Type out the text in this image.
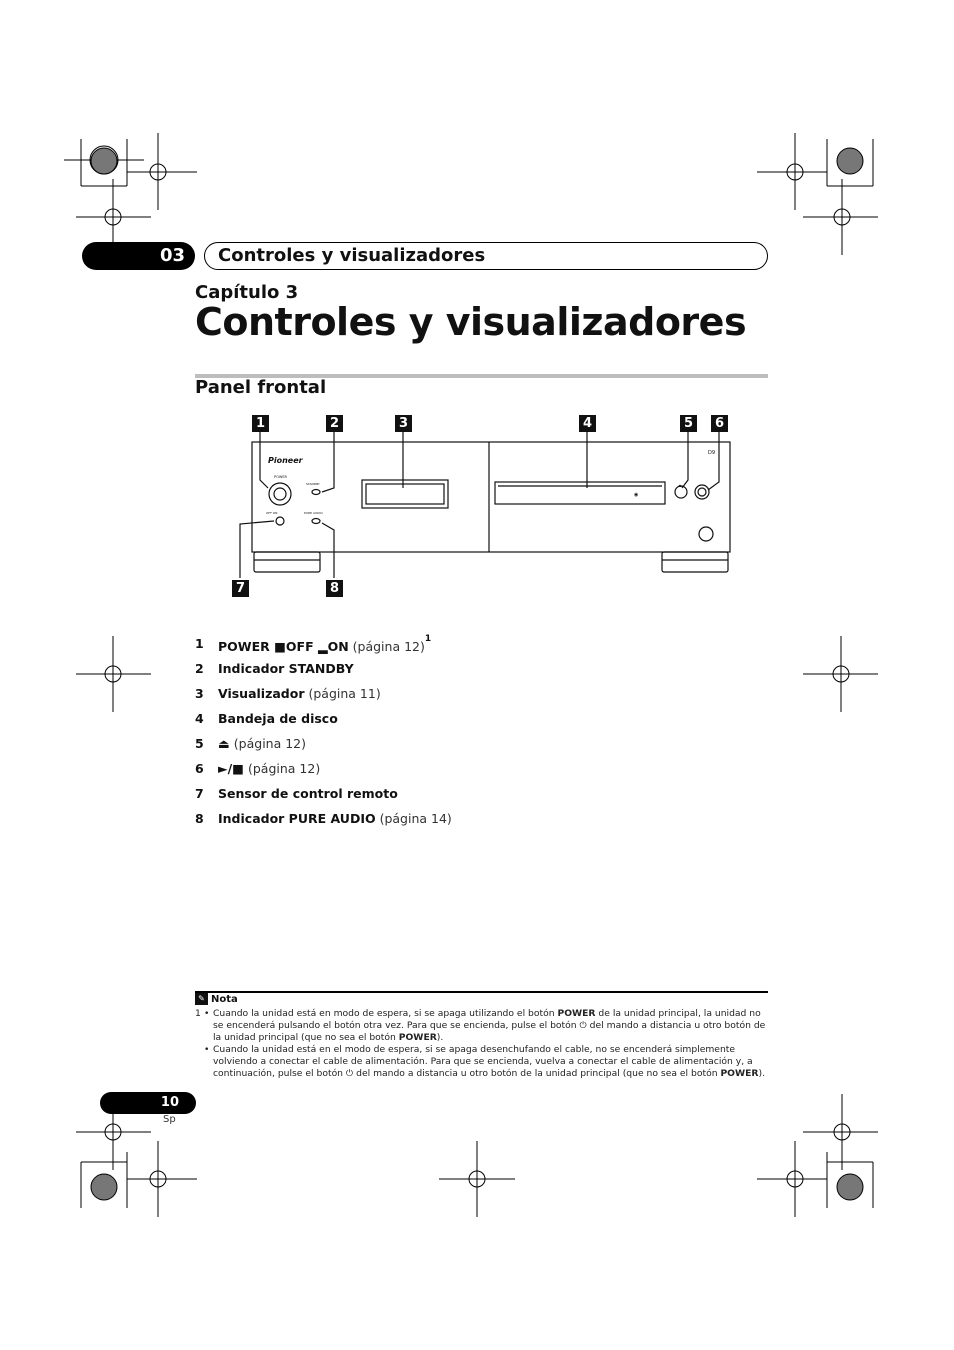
03	Controles y visualizadores
Capítulo 3
Controles y visualizadores
Panel frontal
Pioneer
D9
POWER
STANDBY
PURE AUDIO
OFF ON
◉
⏏
1	2	3	4	5	6
7	8
1 POWER ■OFF ▂ON (página 12)$^1$
2 Indicador STANDBY
3 Visualizador (página 11)
4 Bandeja de disco
5 ⏏ (página 12)
6 ►/■ (página 12)
7 Sensor de control remoto
8 Indicador PURE AUDIO (página 14)
✎ Nota
1 • Cuando la unidad está en modo de espera, si se apaga utilizando el botón POWER de la unidad principal, la unidad no se encenderá pulsando el botón otra vez. Para que se encienda, pulse el botón ⏻ del mando a distancia u otro botón de la unidad principal (que no sea el botón POWER).
• Cuando la unidad está en el modo de espera, si se apaga desenchufando el cable, no se encenderá simplemente volviendo a conectar el cable de alimentación. Para que se encienda, vuelva a conectar el cable de alimentación y, a continuación, pulse el botón ⏻ del mando a distancia u otro botón de la unidad principal (que no sea el botón POWER).
10
Sp
